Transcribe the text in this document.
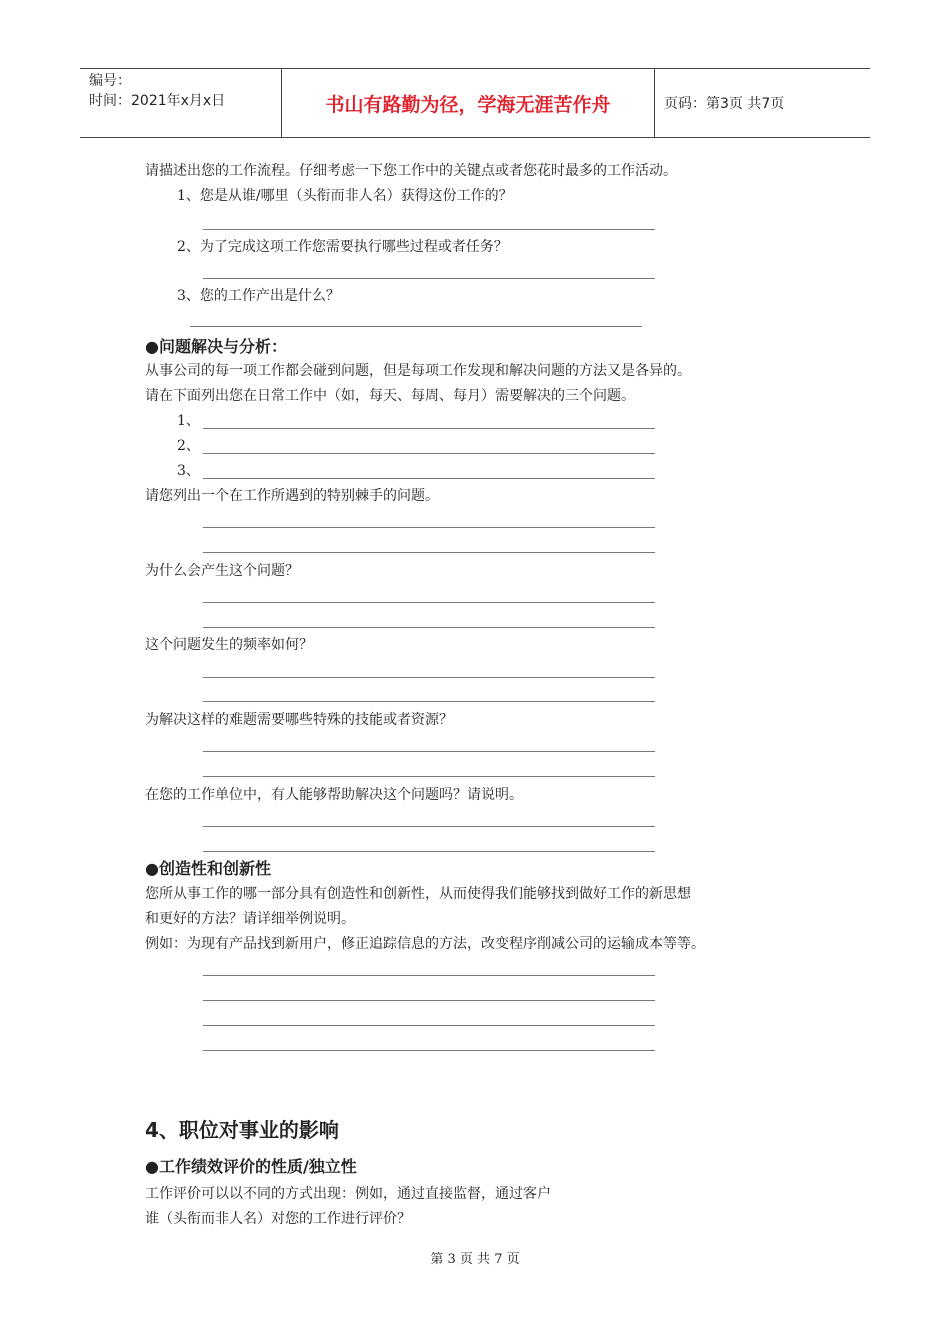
编号：
时间：2021年x月x日	书山有路勤为径，学海无涯苦作舟	页码：第3页 共7页
请描述出您的工作流程。仔细考虑一下您工作中的关键点或者您花时最多的工作活动。
1、您是从谁/哪里（头衔而非人名）获得这份工作的？
2、为了完成这项工作您需要执行哪些过程或者任务？
3、您的工作产出是什么？
●问题解决与分析：
从事公司的每一项工作都会碰到问题，但是每项工作发现和解决问题的方法又是各异的。
请在下面列出您在日常工作中（如，每天、每周、每月）需要解决的三个问题。
1、
2、
3、
请您列出一个在工作所遇到的特别棘手的问题。
为什么会产生这个问题？
这个问题发生的频率如何？
为解决这样的难题需要哪些特殊的技能或者资源？
在您的工作单位中，有人能够帮助解决这个问题吗？请说明。
●创造性和创新性
您所从事工作的哪一部分具有创造性和创新性，从而使得我们能够找到做好工作的新思想
和更好的方法？请详细举例说明。
例如：为现有产品找到新用户，修正追踪信息的方法，改变程序削减公司的运输成本等等。
4、职位对事业的影响
●工作绩效评价的性质/独立性
工作评价可以以不同的方式出现：例如，通过直接监督，通过客户
谁（头衔而非人名）对您的工作进行评价？
第 3 页 共 7 页
